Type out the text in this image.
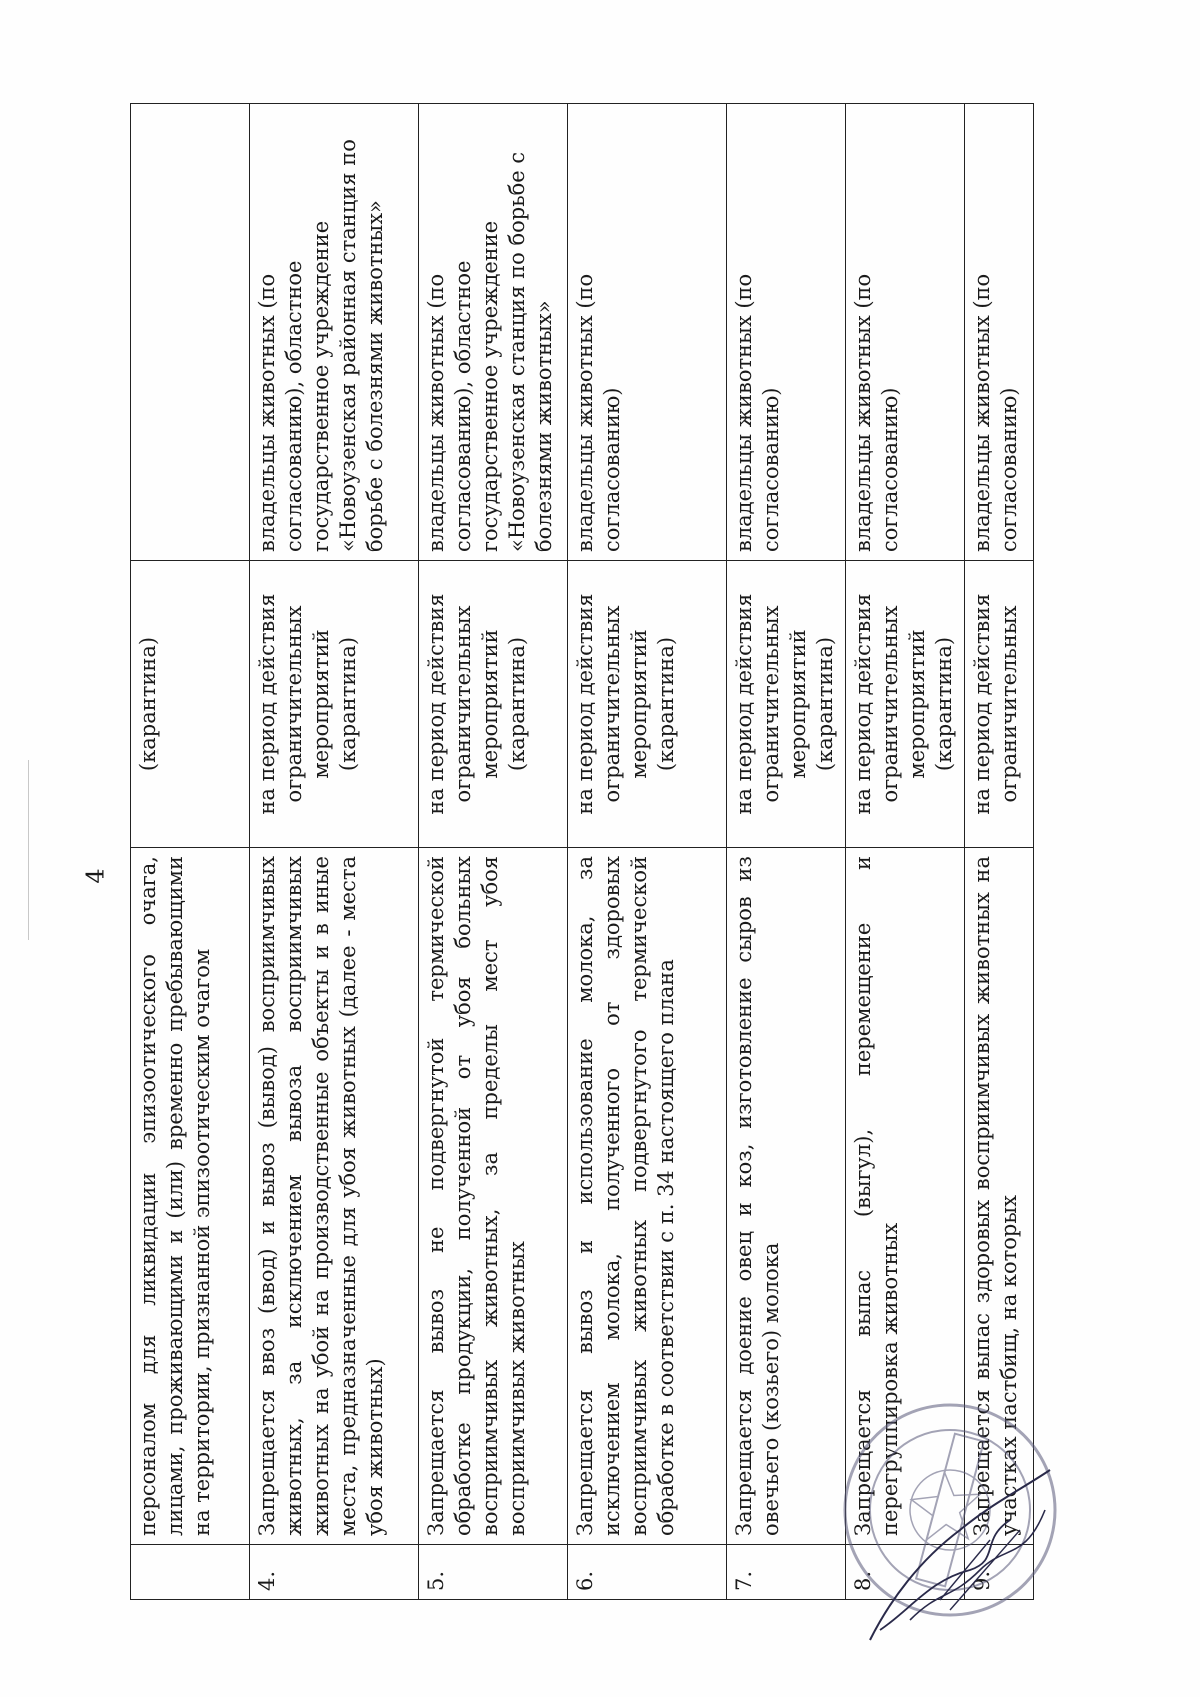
4
	персоналом для ликвидации эпизоотического очага, лицами, проживающими и (или) временно пребывающими на территории, признанной эпизоотическим очагом	(карантина)	
4.	Запрещается ввоз (ввод) и вывоз (вывод) восприимчивых животных, за исключением вывоза восприимчивых животных на убой на производственные объекты и в иные места, предназначенные для убоя животных (далее - места убоя животных)	на период действия ограничительных мероприятий (карантина)	владельцы животных (по согласованию), областное государственное учреждение «Новоузенская районная станция по борьбе с болезнями животных»
5.	Запрещается вывоз не подвергнутой термической обработке продукции, полученной от убоя больных восприимчивых животных, за пределы мест убоя восприимчивых животных	на период действия ограничительных мероприятий (карантина)	владельцы животных (по согласованию), областное государственное учреждение «Новоузенская станция по борьбе с болезнями животных»
6.	Запрещается вывоз и использование молока, за исключением молока, полученного от здоровых восприимчивых животных подвергнутого термической обработке в соответствии с п. 34 настоящего плана	на период действия ограничительных мероприятий (карантина)	владельцы животных (по согласованию)
7.	Запрещается доение овец и коз, изготовление сыров из овечьего (козьего) молока	на период действия ограничительных мероприятий (карантина)	владельцы животных (по согласованию)
8.	Запрещается выпас (выгул), перемещение и перегруппировка животных	на период действия ограничительных мероприятий (карантина)	владельцы животных (по согласованию)
9.	Запрещается выпас здоровых восприимчивых животных на участках пастбищ, на которых	на период действия ограничительных	владельцы животных (по согласованию)
